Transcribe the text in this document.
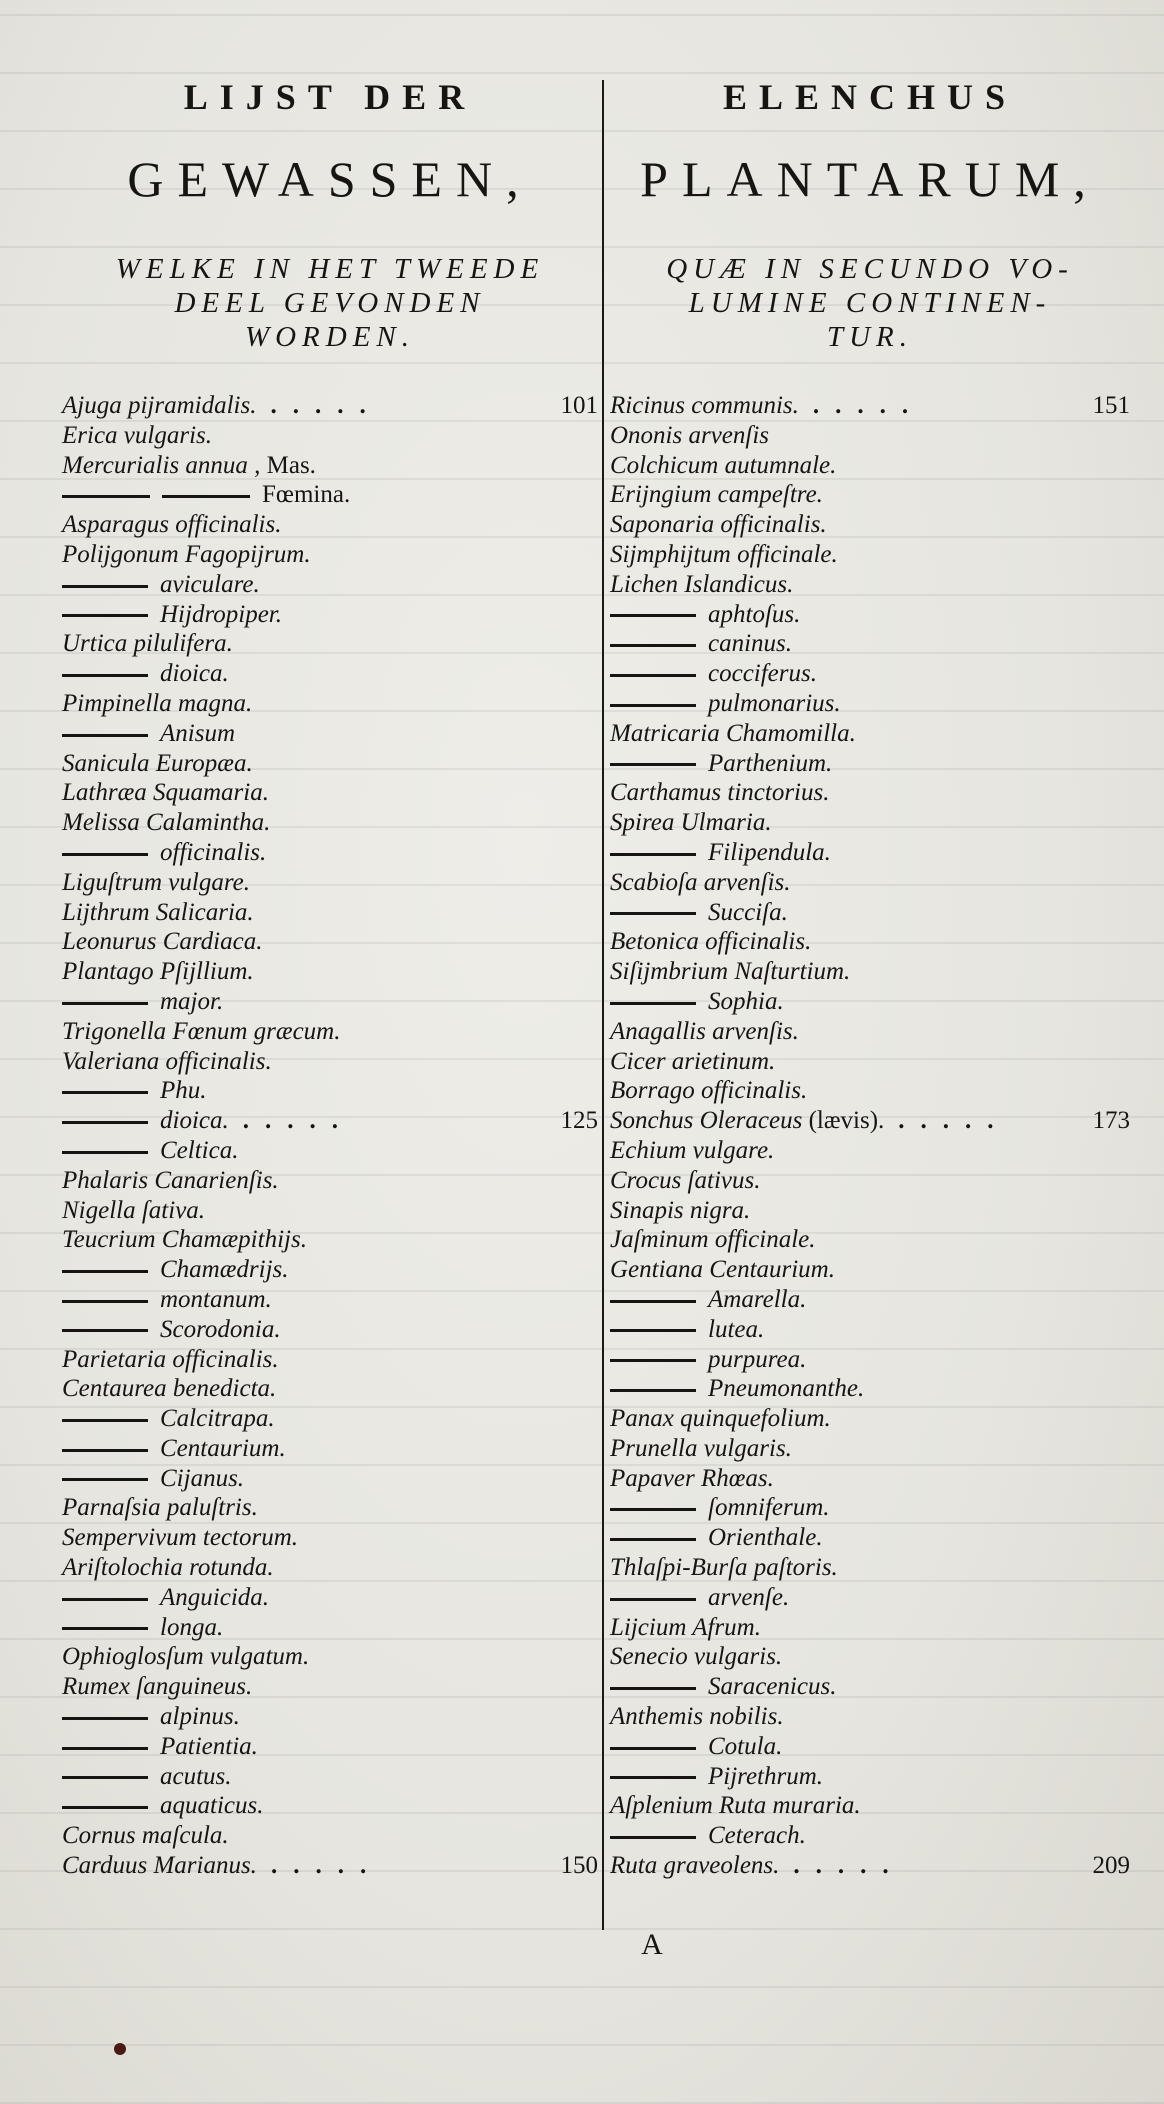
LIJST DER
GEWASSEN,
WELKE IN HET TWEEDE
DEEL GEVONDEN
WORDEN.
Ajuga pijramidalis. .....	101
Erica vulgaris.
Mercurialis annua , Mas.
Fœmina.
Asparagus officinalis.
Polijgonum Fagopijrum.
aviculare.
Hijdropiper.
Urtica pilulifera.
dioica.
Pimpinella magna.
Anisum
Sanicula Europæa.
Lathræa Squamaria.
Melissa Calamintha.
officinalis.
Liguſtrum vulgare.
Lijthrum Salicaria.
Leonurus Cardiaca.
Plantago Pſijllium.
major.
Trigonella Fœnum græcum.
Valeriana officinalis.
Phu.
dioica. .....	125
Celtica.
Phalaris Canarienſis.
Nigella ſativa.
Teucrium Chamæpithijs.
Chamædrijs.
montanum.
Scorodonia.
Parietaria officinalis.
Centaurea benedicta.
Calcitrapa.
Centaurium.
Cijanus.
Parnaſsia paluſtris.
Sempervivum tectorum.
Ariſtolochia rotunda.
Anguicida.
longa.
Ophioglosſum vulgatum.
Rumex ſanguineus.
alpinus.
Patientia.
acutus.
aquaticus.
Cornus maſcula.
Carduus Marianus. .....	150
ELENCHUS
PLANTARUM,
QUÆ IN SECUNDO VO-
LUMINE CONTINEN-
TUR.
Ricinus communis. .....	151
Ononis arvenſis
Colchicum autumnale.
Erijngium campeſtre.
Saponaria officinalis.
Sijmphijtum officinale.
Lichen Islandicus.
aphtoſus.
caninus.
cocciferus.
pulmonarius.
Matricaria Chamomilla.
Parthenium.
Carthamus tinctorius.
Spirea Ulmaria.
Filipendula.
Scabioſa arvenſis.
Succiſa.
Betonica officinalis.
Siſijmbrium Naſturtium.
Sophia.
Anagallis arvenſis.
Cicer arietinum.
Borrago officinalis.
Sonchus Oleraceus (lævis). .....	173
Echium vulgare.
Crocus ſativus.
Sinapis nigra.
Jaſminum officinale.
Gentiana Centaurium.
Amarella.
lutea.
purpurea.
Pneumonanthe.
Panax quinquefolium.
Prunella vulgaris.
Papaver Rhœas.
ſomniferum.
Orienthale.
Thlaſpi-Burſa paſtoris.
arvenſe.
Lijcium Afrum.
Senecio vulgaris.
Saracenicus.
Anthemis nobilis.
Cotula.
Pijrethrum.
Aſplenium Ruta muraria.
Ceterach.
Ruta graveolens. .....	209
A
